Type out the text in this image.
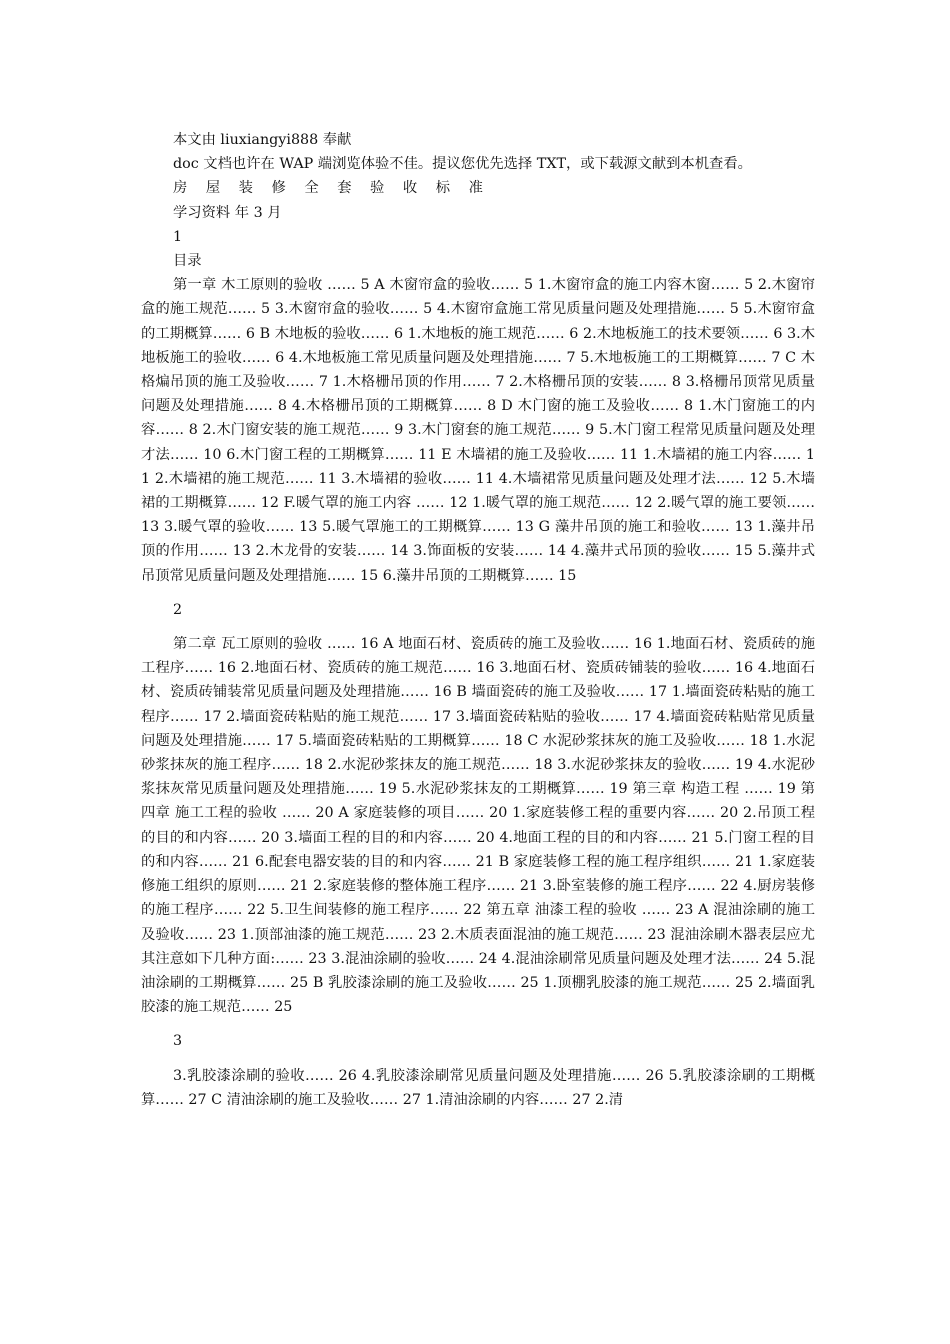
本文由 liuxiangyi888 奉献
doc 文档也许在 WAP 端浏览体验不佳。提议您优先选择 TXT，或下载源文献到本机查看。
房 屋 装 修 全 套 验 收 标 准
学习资料 年 3 月
1
目录
第一章 木工原则的验收 …… 5 A 木窗帘盒的验收…… 5 1.木窗帘盒的施工内容木窗…… 5 2.木窗帘盒的施工规范…… 5 3.木窗帘盒的验收…… 5 4.木窗帘盒施工常见质量问题及处理措施…… 5 5.木窗帘盒的工期概算…… 6 B 木地板的验收…… 6 1.木地板的施工规范…… 6 2.木地板施工的技术要领…… 6 3.木地板施工的验收…… 6 4.木地板施工常见质量问题及处理措施…… 7 5.木地板施工的工期概算…… 7 C 木格煸吊顶的施工及验收…… 7 1.木格栅吊顶的作用…… 7 2.木格栅吊顶的安装…… 8 3.格栅吊顶常见质量问题及处理措施…… 8 4.木格栅吊顶的工期概算…… 8 D 木门窗的施工及验收…… 8 1.木门窗施工的内容…… 8 2.木门窗安装的施工规范…… 9 3.木门窗套的施工规范…… 9 5.木门窗工程常见质量问题及处理才法…… 10 6.木门窗工程的工期概算…… 11 E 木墙裙的施工及验收…… 11 1.木墙裙的施工内容…… 11 2.木墙裙的施工规范…… 11 3.木墙裙的验收…… 11 4.木墙裙常见质量问题及处理才法…… 12 5.木墙裙的工期概算…… 12 F.暖气罩的施工内容 …… 12 1.暖气罩的施工规范…… 12 2.暖气罩的施工要领…… 13 3.暖气罩的验收…… 13 5.暖气罩施工的工期概算…… 13 G 藻井吊顶的施工和验收…… 13 1.藻井吊顶的作用…… 13 2.木龙骨的安装…… 14 3.饰面板的安装…… 14 4.藻井式吊顶的验收…… 15 5.藻井式吊顶常见质量问题及处理措施…… 15 6.藻井吊顶的工期概算…… 15
2
第二章 瓦工原则的验收 …… 16 A 地面石材、瓷质砖的施工及验收…… 16 1.地面石材、瓷质砖的施工程序…… 16 2.地面石材、瓷质砖的施工规范…… 16 3.地面石材、瓷质砖铺装的验收…… 16 4.地面石材、瓷质砖铺装常见质量问题及处理措施…… 16 B 墙面瓷砖的施工及验收…… 17 1.墙面瓷砖粘贴的施工程序…… 17 2.墙面瓷砖粘贴的施工规范…… 17 3.墙面瓷砖粘贴的验收…… 17 4.墙面瓷砖粘贴常见质量问题及处理措施…… 17 5.墙面瓷砖粘贴的工期概算…… 18 C 水泥砂浆抹灰的施工及验收…… 18 1.水泥砂浆抹灰的施工程序…… 18 2.水泥砂浆抹友的施工规范…… 18 3.水泥砂浆抹友的验收…… 19 4.水泥砂浆抹灰常见质量问题及处理措施…… 19 5.水泥砂浆抹友的工期概算…… 19 第三章 构造工程 …… 19 第四章 施工工程的验收 …… 20 A 家庭装修的项目…… 20 1.家庭装修工程的重要内容…… 20 2.吊顶工程的目的和内容…… 20 3.墙面工程的目的和内容…… 20 4.地面工程的目的和内容…… 21 5.门窗工程的目的和内容…… 21 6.配套电器安装的目的和内容…… 21 B 家庭装修工程的施工程序组织…… 21 1.家庭装修施工组织的原则…… 21 2.家庭装修的整体施工程序…… 21 3.卧室装修的施工程序…… 22 4.厨房装修的施工程序…… 22 5.卫生间装修的施工程序…… 22 第五章 油漆工程的验收 …… 23 A 混油涂刷的施工及验收…… 23 1.顶部油漆的施工规范…… 23 2.木质表面混油的施工规范…… 23 混油涂刷木器表层应尤其注意如下几种方面:…… 23 3.混油涂刷的验收…… 24 4.混油涂刷常见质量问题及处理才法…… 24 5.混油涂刷的工期概算…… 25 B 乳胶漆涂刷的施工及验收…… 25 1.顶棚乳胶漆的施工规范…… 25 2.墙面乳胶漆的施工规范…… 25
3
3.乳胶漆涂刷的验收…… 26 4.乳胶漆涂刷常见质量问题及处理措施…… 26 5.乳胶漆涂刷的工期概算…… 27 C 清油涂刷的施工及验收…… 27 1.清油涂刷的内容…… 27 2.清
